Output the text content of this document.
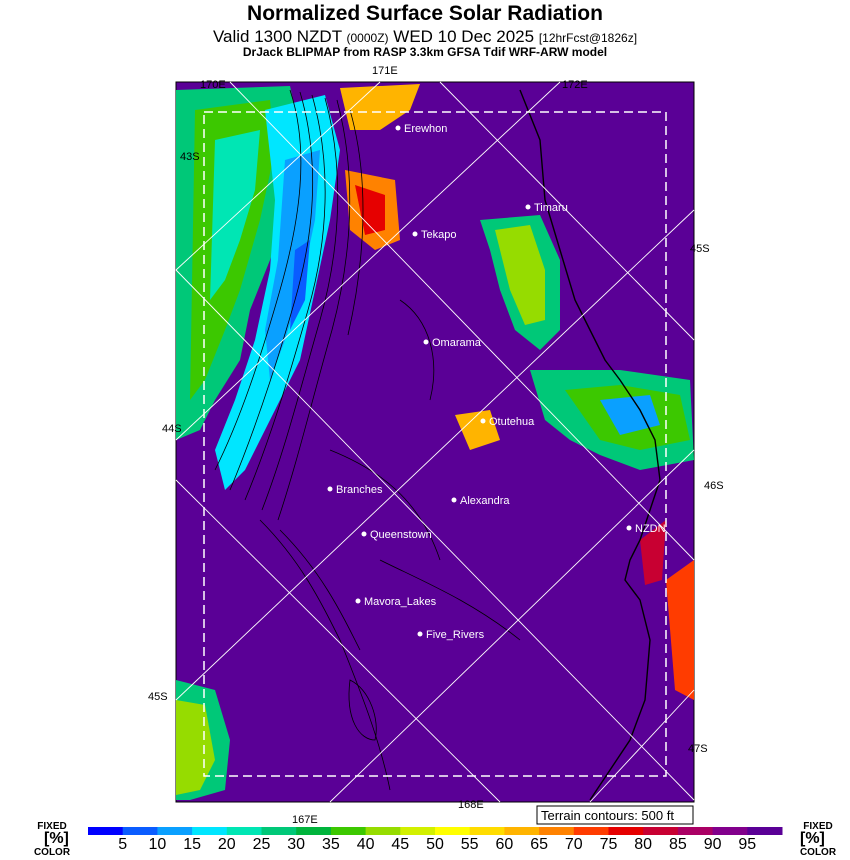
171E
170E	172E
43S
45S
44S
46S
45S
47S
167E
168E
Erewhon
Timaru
Tekapo
Omarama
Otutehua
Branches
Alexandra
NZDN
Queenstown
Mavora_Lakes
Five_Rivers
Terrain contours: 500 ft
Normalized Surface Solar Radiation
Valid 1300 NZDT (0000Z) WED 10 Dec 2025 [12hrFcst@1826z]
DrJack BLIPMAP from RASP 3.3km GFSA Tdif WRF-ARW model
FIXED
[%]
COLOR
FIXED
[%]
COLOR
5	10	15	20	25	30	35	40	45	50	55	60	65	70	75	80	85	90	95
